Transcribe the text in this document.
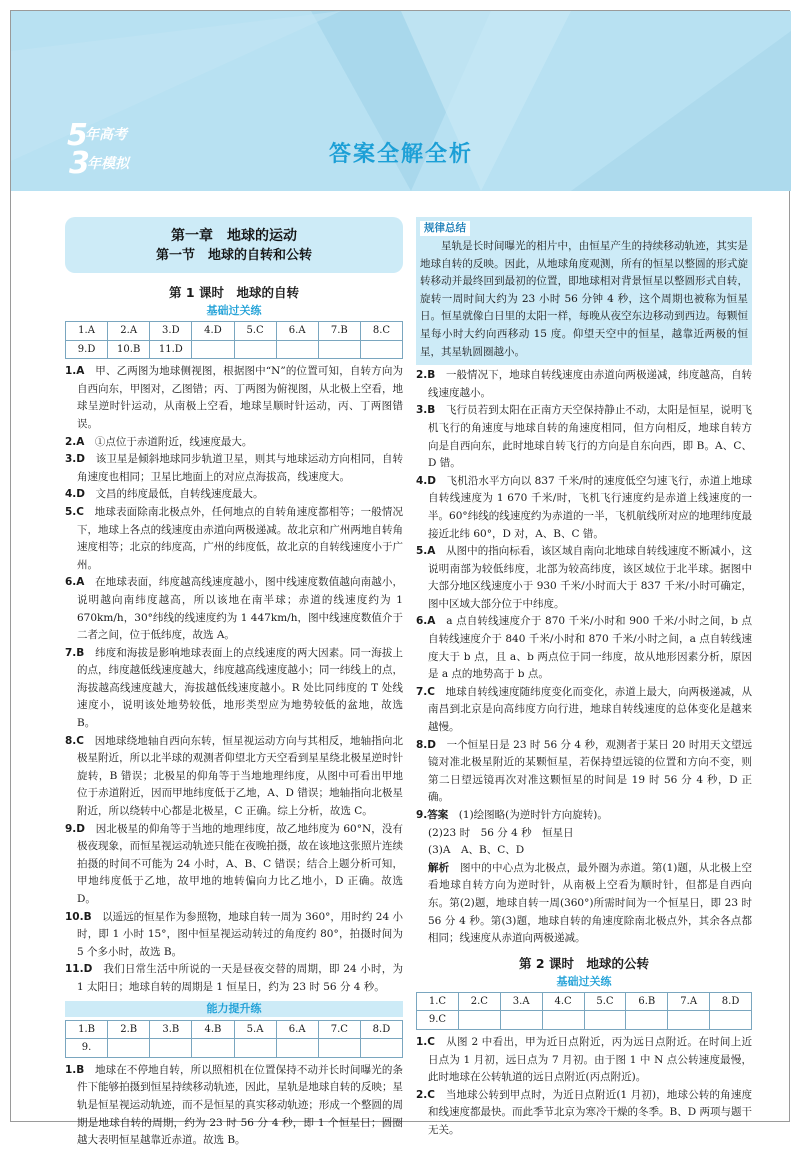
5
年高考
3
年模拟	答案全解全析
第一章　地球的运动
第一节　地球的自转和公转
第 1 课时　地球的自转
基础过关练
1.A	2.A	3.D	4.D	5.C	6.A	7.B	8.C
9.D	10.B	11.D					

1.A　 甲、乙两图为地球侧视图，根据图中“N”的位置可知，自转方向为自西向东，甲图对，乙图错；丙、丁两图为俯视图，从北极上空看，地球呈逆时针运动，从南极上空看，地球呈顺时针运动，丙、丁两图错误。

2.A　 ①点位于赤道附近，线速度最大。

3.D　 该卫星是倾斜地球同步轨道卫星，则其与地球运动方向相同，自转角速度也相同；卫星比地面上的对应点海拔高，线速度大。

4.D　 文昌的纬度最低，自转线速度最大。

5.C　 地球表面除南北极点外，任何地点的自转角速度都相等；一般情况下，地球上各点的线速度由赤道向两极递减。故北京和广州两地自转角速度相等；北京的纬度高，广州的纬度低，故北京的自转线速度小于广州。

6.A　 在地球表面，纬度越高线速度越小，图中线速度数值越向南越小，说明越向南纬度越高，所以该地在南半球；赤道的线速度约为 1 670km/h，30°纬线的线速度约为 1 447km/h，图中线速度数值介于二者之间，位于低纬度，故选 A。

7.B　 纬度和海拔是影响地球表面上的点线速度的两大因素。同一海拔上的点，纬度越低线速度越大，纬度越高线速度越小；同一纬线上的点，海拔越高线速度越大，海拔越低线速度越小。R 处比同纬度的 T 处线速度小，说明该处地势较低，地形类型应为地势较低的盆地，故选 B。

8.C　 因地球绕地轴自西向东转，恒星视运动方向与其相反，地轴指向北极星附近，所以北半球的观测者仰望北方天空看到星星绕北极星逆时针旋转，B 错误；北极星的仰角等于当地地理纬度，从图中可看出甲地位于赤道附近，因而甲地纬度低于乙地，A、D 错误；地轴指向北极星附近，所以绕转中心都是北极星，C 正确。综上分析，故选 C。

9.D　 因北极星的仰角等于当地的地理纬度，故乙地纬度为 60°N，没有极夜现象，而恒星视运动轨迹只能在夜晚拍摄，故在该地这张照片连续拍摄的时间不可能为 24 小时，A、B、C 错误；结合上题分析可知，甲地纬度低于乙地，故甲地的地转偏向力比乙地小，D 正确。故选 D。

10.B　 以遥远的恒星作为参照物，地球自转一周为 360°，用时约 24 小时，即 1 小时 15°，图中恒星视运动转过的角度约 80°，拍摄时间为 5 个多小时，故选 B。

11.D　 我们日常生活中所说的一天是昼夜交替的周期，即 24 小时，为 1 太阳日；地球自转的周期是 1 恒星日，约为 23 时 56 分 4 秒。

能力提升练
1.B	2.B	3.B	4.B	5.A	6.A	7.C	8.D
9.							

1.B　 地球在不停地自转，所以照相机在位置保持不动并长时间曝光的条件下能够拍摄到恒星持续移动轨迹，因此，星轨是地球自转的反映；星轨是恒星视运动轨迹，而不是恒星的真实移动轨迹；形成一个整圆的周期是地球自转的周期，约为 23 时 56 分 4 秒，即 1 个恒星日；圆圈越大表明恒星越靠近赤道。故选 B。

规律总结

星轨是长时间曝光的相片中，由恒星产生的持续移动轨迹，其实是地球自转的反映。因此，从地球角度观测，所有的恒星以整圆的形式旋转移动并最终回到最初的位置，即地球相对背景恒星以整圆形式自转，旋转一周时间大约为 23 小时 56 分钟 4 秒，这个周期也被称为恒星日。恒星就像白日里的太阳一样，每晚从夜空东边移动到西边。每颗恒星每小时大约向西移动 15 度。仰望天空中的恒星，越靠近两极的恒星，其星轨圆圈越小。

2.B　 一般情况下，地球自转线速度由赤道向两极递减，纬度越高，自转线速度越小。

3.B　 飞行员若到太阳在正南方天空保持静止不动，太阳是恒星，说明飞机飞行的角速度与地球自转的角速度相同，但方向相反，地球自转方向是自西向东，此时地球自转飞行的方向是自东向西，即 B。A、C、D 错。

4.D　 飞机沿水平方向以 837 千米/时的速度低空匀速飞行，赤道上地球自转线速度为 1 670 千米/时，飞机飞行速度约是赤道上线速度的一半。60°纬线的线速度约为赤道的一半，飞机航线所对应的地理纬度最接近北纬 60°，D 对，A、B、C 错。

5.A　 从图中的指向标看，该区域自南向北地球自转线速度不断减小，这说明南部为较低纬度，北部为较高纬度，该区域位于北半球。据图中大部分地区线速度小于 930 千米/小时而大于 837 千米/小时可确定，图中区域大部分位于中纬度。

6.A　 a 点自转线速度介于 870 千米/小时和 900 千米/小时之间，b 点自转线速度介于 840 千米/小时和 870 千米/小时之间，a 点自转线速度大于 b 点，且 a、b 两点位于同一纬度，故从地形因素分析，原因是 a 点的地势高于 b 点。

7.C　 地球自转线速度随纬度变化而变化，赤道上最大，向两极递减，从南昌到北京是向高纬度方向行进，地球自转线速度的总体变化是越来越慢。

8.D　 一个恒星日是 23 时 56 分 4 秒，观测者于某日 20 时用天文望远镜对准北极星附近的某颗恒星，若保持望远镜的位置和方向不变，则第二日望远镜再次对准这颗恒星的时间是 19 时 56 分 4 秒，D 正确。

9.答案　 (1)绘图略(为逆时针方向旋转)。

(2)23 时　56 分 4 秒　恒星日

(3)A　A、B、C、D

解析　 图中的中心点为北极点，最外圈为赤道。第(1)题，从北极上空看地球自转方向为逆时针，从南极上空看为顺时针，但都是自西向东。第(2)题，地球自转一周(360°)所需时间为一个恒星日，即 23 时 56 分 4 秒。第(3)题，地球自转的角速度除南北极点外，其余各点都相同；线速度从赤道向两极递减。

第 2 课时　地球的公转
基础过关练
1.C	2.C	3.A	4.C	5.C	6.B	7.A	8.D
9.C							

1.C　 从图 2 中看出，甲为近日点附近，丙为远日点附近。在时间上近日点为 1 月初，远日点为 7 月初。由于图 1 中 N 点公转速度最慢，此时地球在公转轨道的远日点附近(丙点附近)。

2.C　 当地球公转到甲点时，为近日点附近(1 月初)，地球公转的角速度和线速度都最快。而此季节北京为寒冷干燥的冬季。B、D 两项与题干无关。
